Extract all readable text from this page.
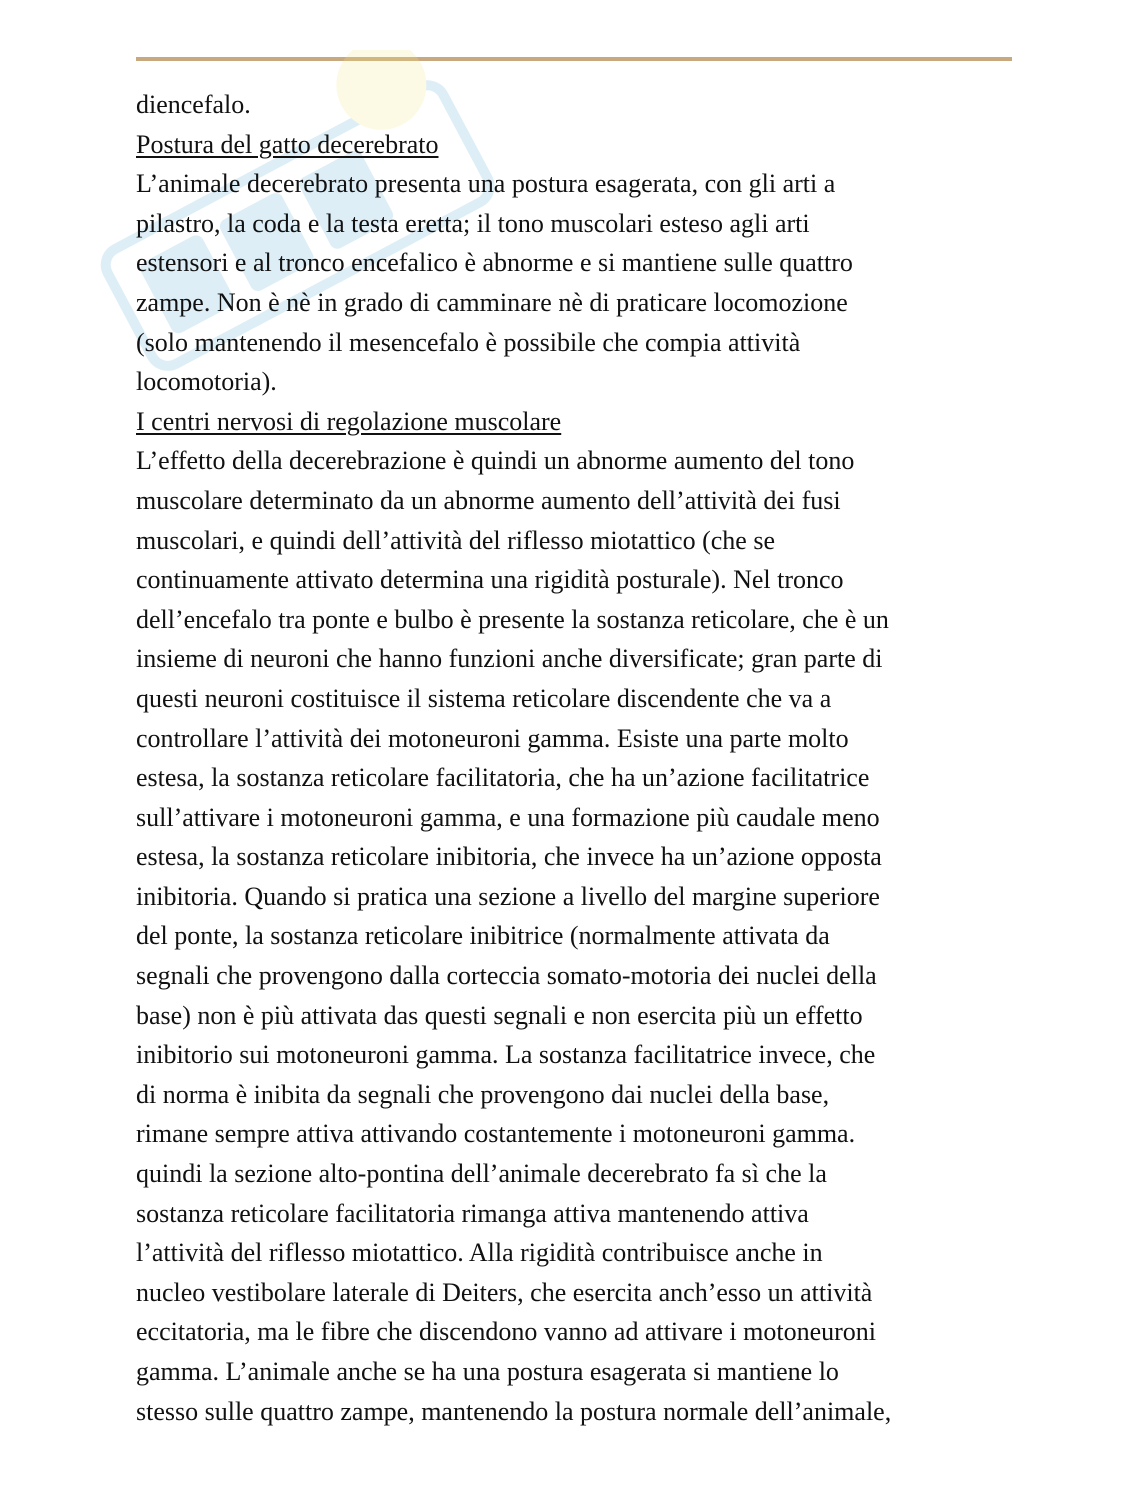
diencefalo.
Postura del gatto decerebrato
L’animale decerebrato presenta una postura esagerata, con gli arti a
pilastro, la coda e la testa eretta; il tono muscolari esteso agli arti
estensori e al tronco encefalico è abnorme e si mantiene sulle quattro
zampe. Non è nè in grado di camminare nè di praticare locomozione
(solo mantenendo il mesencefalo è possibile che compia attività
locomotoria).
I centri nervosi di regolazione muscolare
L’effetto della decerebrazione è quindi un abnorme aumento del tono
muscolare determinato da un abnorme aumento dell’attività dei fusi
muscolari, e quindi dell’attività del riflesso miotattico (che se
continuamente attivato determina una rigidità posturale). Nel tronco
dell’encefalo tra ponte e bulbo è presente la sostanza reticolare, che è un
insieme di neuroni che hanno funzioni anche diversificate; gran parte di
questi neuroni costituisce il sistema reticolare discendente che va a
controllare l’attività dei motoneuroni gamma. Esiste una parte molto
estesa, la sostanza reticolare facilitatoria, che ha un’azione facilitatrice
sull’attivare i motoneuroni gamma, e una formazione più caudale meno
estesa, la sostanza reticolare inibitoria, che invece ha un’azione opposta
inibitoria. Quando si pratica una sezione a livello del margine superiore
del ponte, la sostanza reticolare inibitrice (normalmente attivata da
segnali che provengono dalla corteccia somato-motoria dei nuclei della
base) non è più attivata das questi segnali e non esercita più un effetto
inibitorio sui motoneuroni gamma. La sostanza facilitatrice invece, che
di norma è inibita da segnali che provengono dai nuclei della base,
rimane sempre attiva attivando costantemente i motoneuroni gamma.
quindi la sezione alto-pontina dell’animale decerebrato fa sì che la
sostanza reticolare facilitatoria rimanga attiva mantenendo attiva
l’attività del riflesso miotattico. Alla rigidità contribuisce anche in
nucleo vestibolare laterale di Deiters, che esercita anch’esso un attività
eccitatoria, ma le fibre che discendono vanno ad attivare i motoneuroni
gamma. L’animale anche se ha una postura esagerata si mantiene lo
stesso sulle quattro zampe, mantenendo la postura normale dell’animale,
